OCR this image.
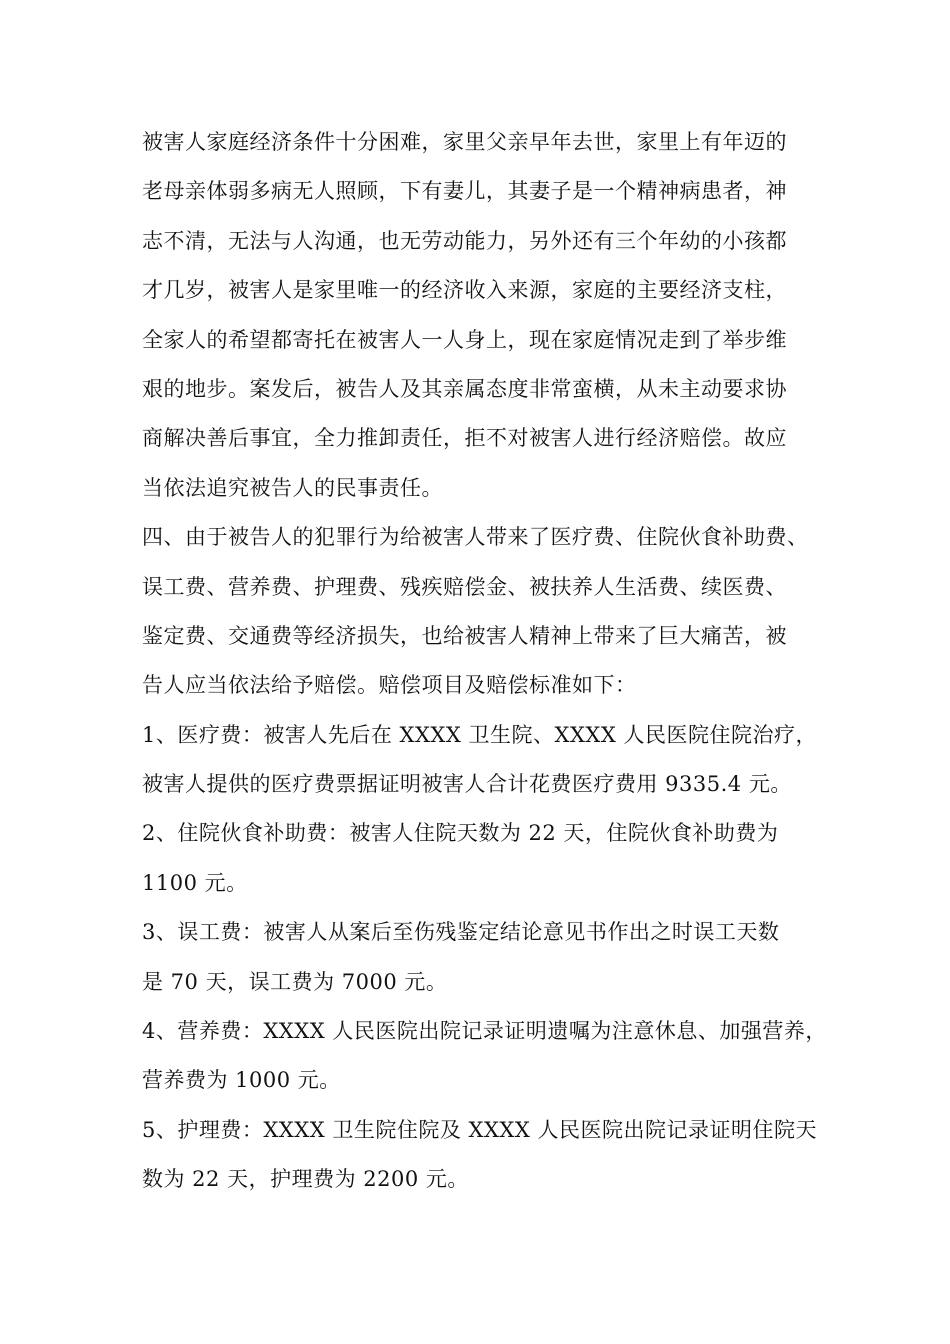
被害人家庭经济条件十分困难，家里父亲早年去世，家里上有年迈的
老母亲体弱多病无人照顾，下有妻儿，其妻子是一个精神病患者，神
志不清，无法与人沟通，也无劳动能力，另外还有三个年幼的小孩都
才几岁，被害人是家里唯一的经济收入来源，家庭的主要经济支柱，
全家人的希望都寄托在被害人一人身上，现在家庭情况走到了举步维
艰的地步。案发后，被告人及其亲属态度非常蛮横，从未主动要求协
商解决善后事宜，全力推卸责任，拒不对被害人进行经济赔偿。故应
当依法追究被告人的民事责任。
四、由于被告人的犯罪行为给被害人带来了医疗费、住院伙食补助费、
误工费、营养费、护理费、残疾赔偿金、被扶养人生活费、续医费、
鉴定费、交通费等经济损失，也给被害人精神上带来了巨大痛苦，被
告人应当依法给予赔偿。赔偿项目及赔偿标准如下：
1、医疗费：被害人先后在 XXXX 卫生院、XXXX 人民医院住院治疗，
被害人提供的医疗费票据证明被害人合计花费医疗费用 9335.4 元。
2、住院伙食补助费：被害人住院天数为 22 天，住院伙食补助费为
1100 元。
3、误工费：被害人从案后至伤残鉴定结论意见书作出之时误工天数
是 70 天，误工费为 7000 元。
4、营养费：XXXX 人民医院出院记录证明遗嘱为注意休息、加强营养，
营养费为 1000 元。
5、护理费：XXXX 卫生院住院及 XXXX 人民医院出院记录证明住院天
数为 22 天，护理费为 2200 元。
